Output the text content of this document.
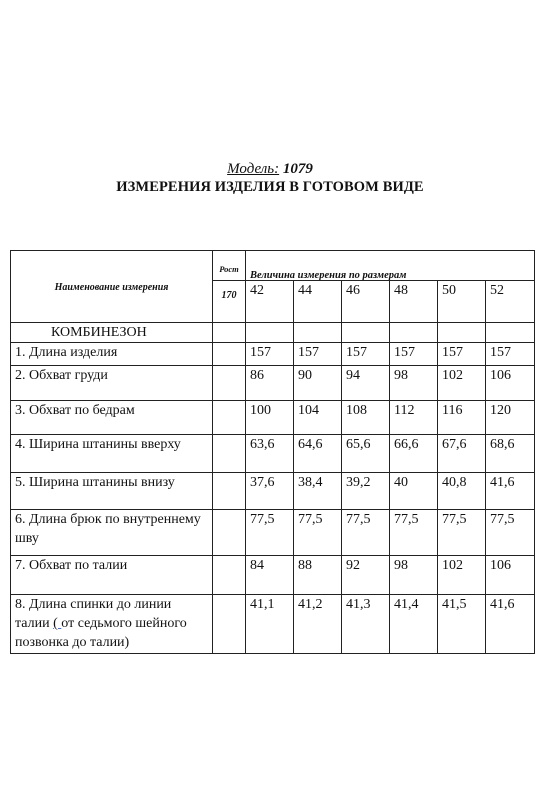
Модель: 1079
ИЗМЕРЕНИЯ ИЗДЕЛИЯ В ГОТОВОМ ВИДЕ
Наименование измерения	$_{Рост}$	$_{Величина измерения по размерам}$
	$_{170}$	42	44	46	48	50	52
КОМБИНЕЗОН							
1. Длина изделия		157	157	157	157	157	157
2. Обхват груди		86	90	94	98	102	106
3. Обхват по бедрам		100	104	108	112	116	120
4. Ширина штанины вверху		63,6	64,6	65,6	66,6	67,6	68,6
5. Ширина штанины внизу		37,6	38,4	39,2	40	40,8	41,6
6. Длина брюк по внутреннему шву		77,5	77,5	77,5	77,5	77,5	77,5
7. Обхват по талии		84	88	92	98	102	106
8. Длина спинки до линии талии ( от седьмого шейного позвонка до талии)		41,1	41,2	41,3	41,4	41,5	41,6
